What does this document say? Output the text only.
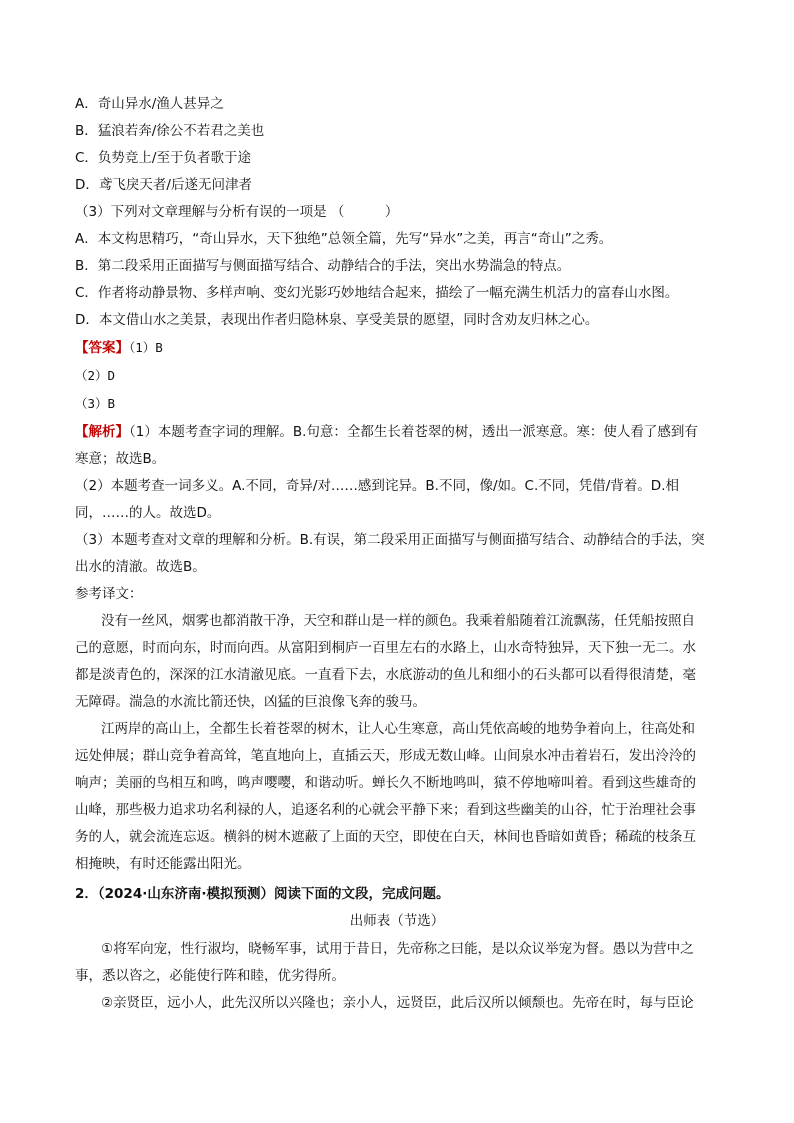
A．奇山异水/渔人甚异之
B．猛浪若奔/徐公不若君之美也
C．负势竞上/至于负者歌于途
D．鸢飞戾天者/后遂无问津者
（3）下列对文章理解与分析有误的一项是 （　　　）
A．本文构思精巧，“奇山异水，天下独绝”总领全篇，先写“异水”之美，再言“奇山”之秀。
B．第二段采用正面描写与侧面描写结合、动静结合的手法，突出水势湍急的特点。
C．作者将动静景物、多样声响、变幻光影巧妙地结合起来，描绘了一幅充满生机活力的富春山水图。
D．本文借山水之美景，表现出作者归隐林泉、享受美景的愿望，同时含劝友归林之心。
【答案】（1）B
（2）D
（3）B
【解析】（1）本题考查字词的理解。B.句意：全都生长着苍翠的树，透出一派寒意。寒：使人看了感到有
寒意；故选B。
（2）本题考查一词多义。A.不同，奇异/对……感到诧异。B.不同，像/如。C.不同，凭借/背着。D.相
同，……的人。故选D。
（3）本题考查对文章的理解和分析。B.有误，第二段采用正面描写与侧面描写结合、动静结合的手法，突
出水的清澈。故选B。
参考译文：
没有一丝风，烟雾也都消散干净，天空和群山是一样的颜色。我乘着船随着江流飘荡，任凭船按照自
己的意愿，时而向东，时而向西。从富阳到桐庐一百里左右的水路上，山水奇特独异，天下独一无二。水
都是淡青色的，深深的江水清澈见底。一直看下去，水底游动的鱼儿和细小的石头都可以看得很清楚，毫
无障碍。湍急的水流比箭还快，凶猛的巨浪像飞奔的骏马。
江两岸的高山上，全都生长着苍翠的树木，让人心生寒意，高山凭依高峻的地势争着向上，往高处和
远处伸展；群山竞争着高耸，笔直地向上，直插云天，形成无数山峰。山间泉水冲击着岩石，发出泠泠的
响声；美丽的鸟相互和鸣，鸣声嘤嘤，和谐动听。蝉长久不断地鸣叫，猿不停地啼叫着。看到这些雄奇的
山峰，那些极力追求功名利禄的人，追逐名利的心就会平静下来；看到这些幽美的山谷，忙于治理社会事
务的人，就会流连忘返。横斜的树木遮蔽了上面的天空，即使在白天，林间也昏暗如黄昏；稀疏的枝条互
相掩映，有时还能露出阳光。
2．（2024·山东济南·模拟预测）阅读下面的文段，完成问题。
出师表（节选）
①将军向宠，性行淑均，晓畅军事，试用于昔日，先帝称之曰能，是以众议举宠为督。愚以为营中之
事，悉以咨之，必能使行阵和睦，优劣得所。
②亲贤臣，远小人，此先汉所以兴隆也；亲小人，远贤臣，此后汉所以倾颓也。先帝在时，每与臣论
